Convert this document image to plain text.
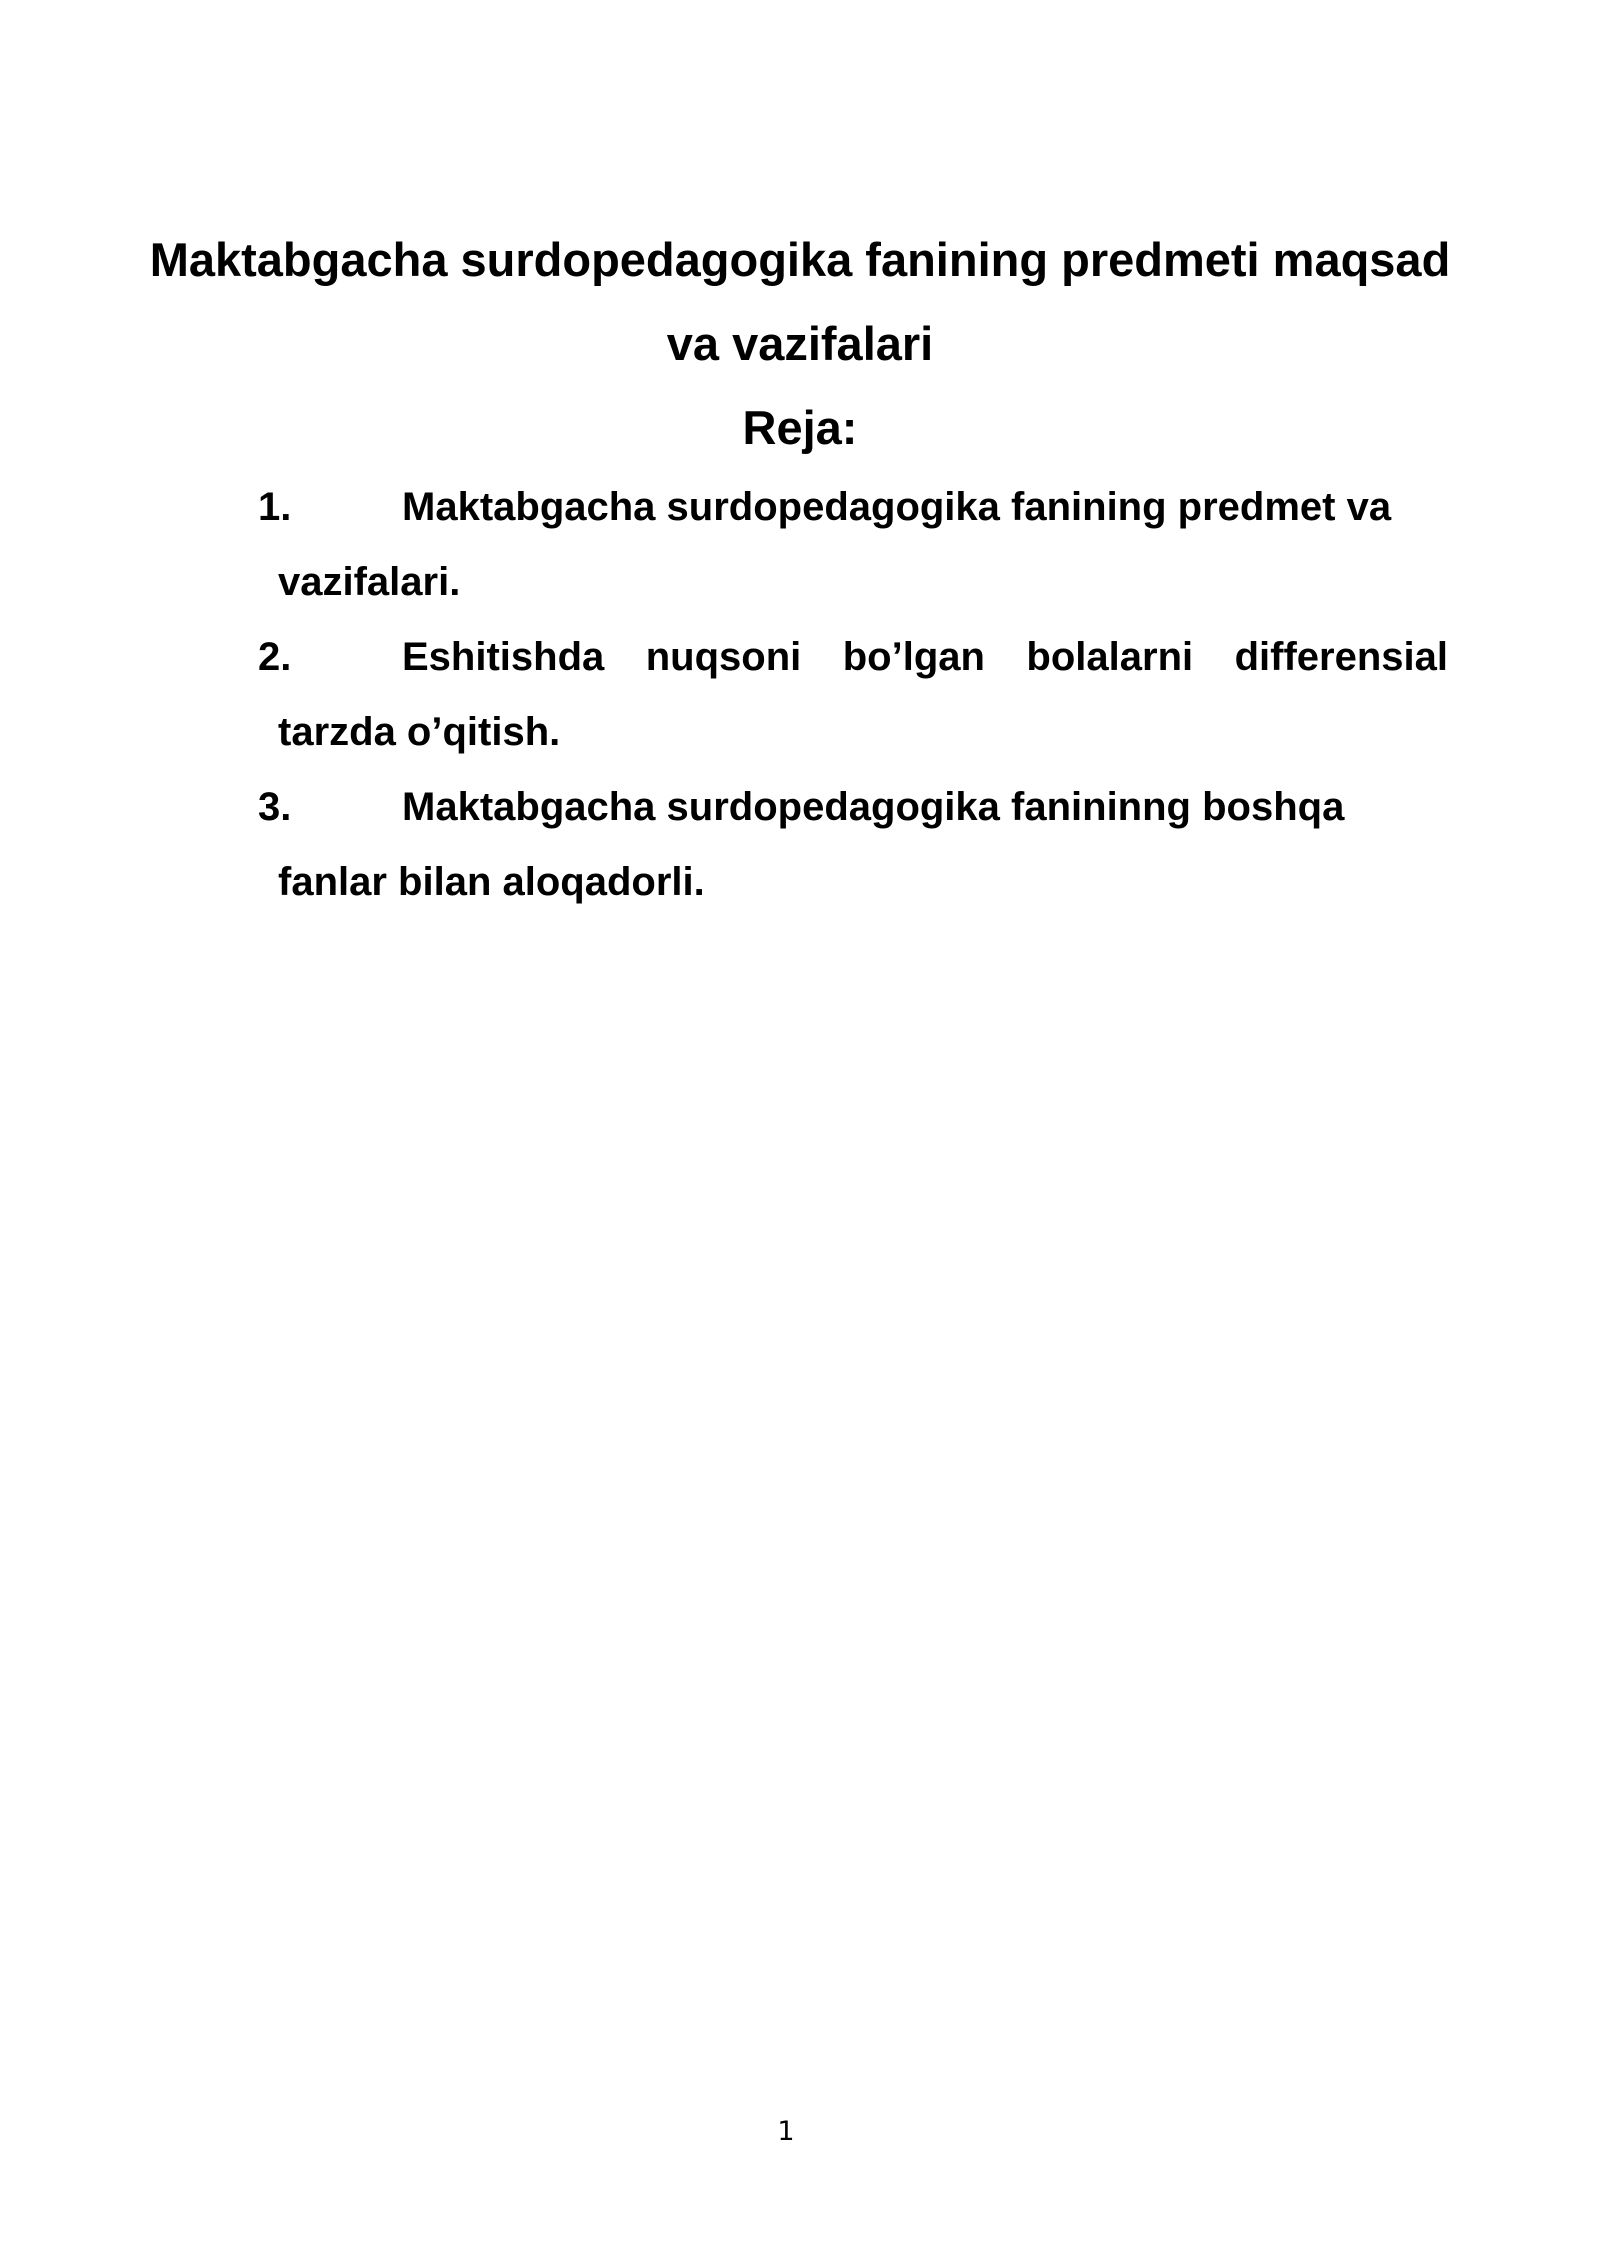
Maktabgacha surdopedagogika fanining predmeti maqsad
va vazifalari
Reja:
1.	Maktabgacha surdopedagogika fanining predmet va vazifalari.
2.	Eshitishda nuqsoni bo’lgan bolalarni differensial tarzda o’qitish.
3.	Maktabgacha surdopedagogika fanininng boshqa fanlar bilan aloqadorli.
1
